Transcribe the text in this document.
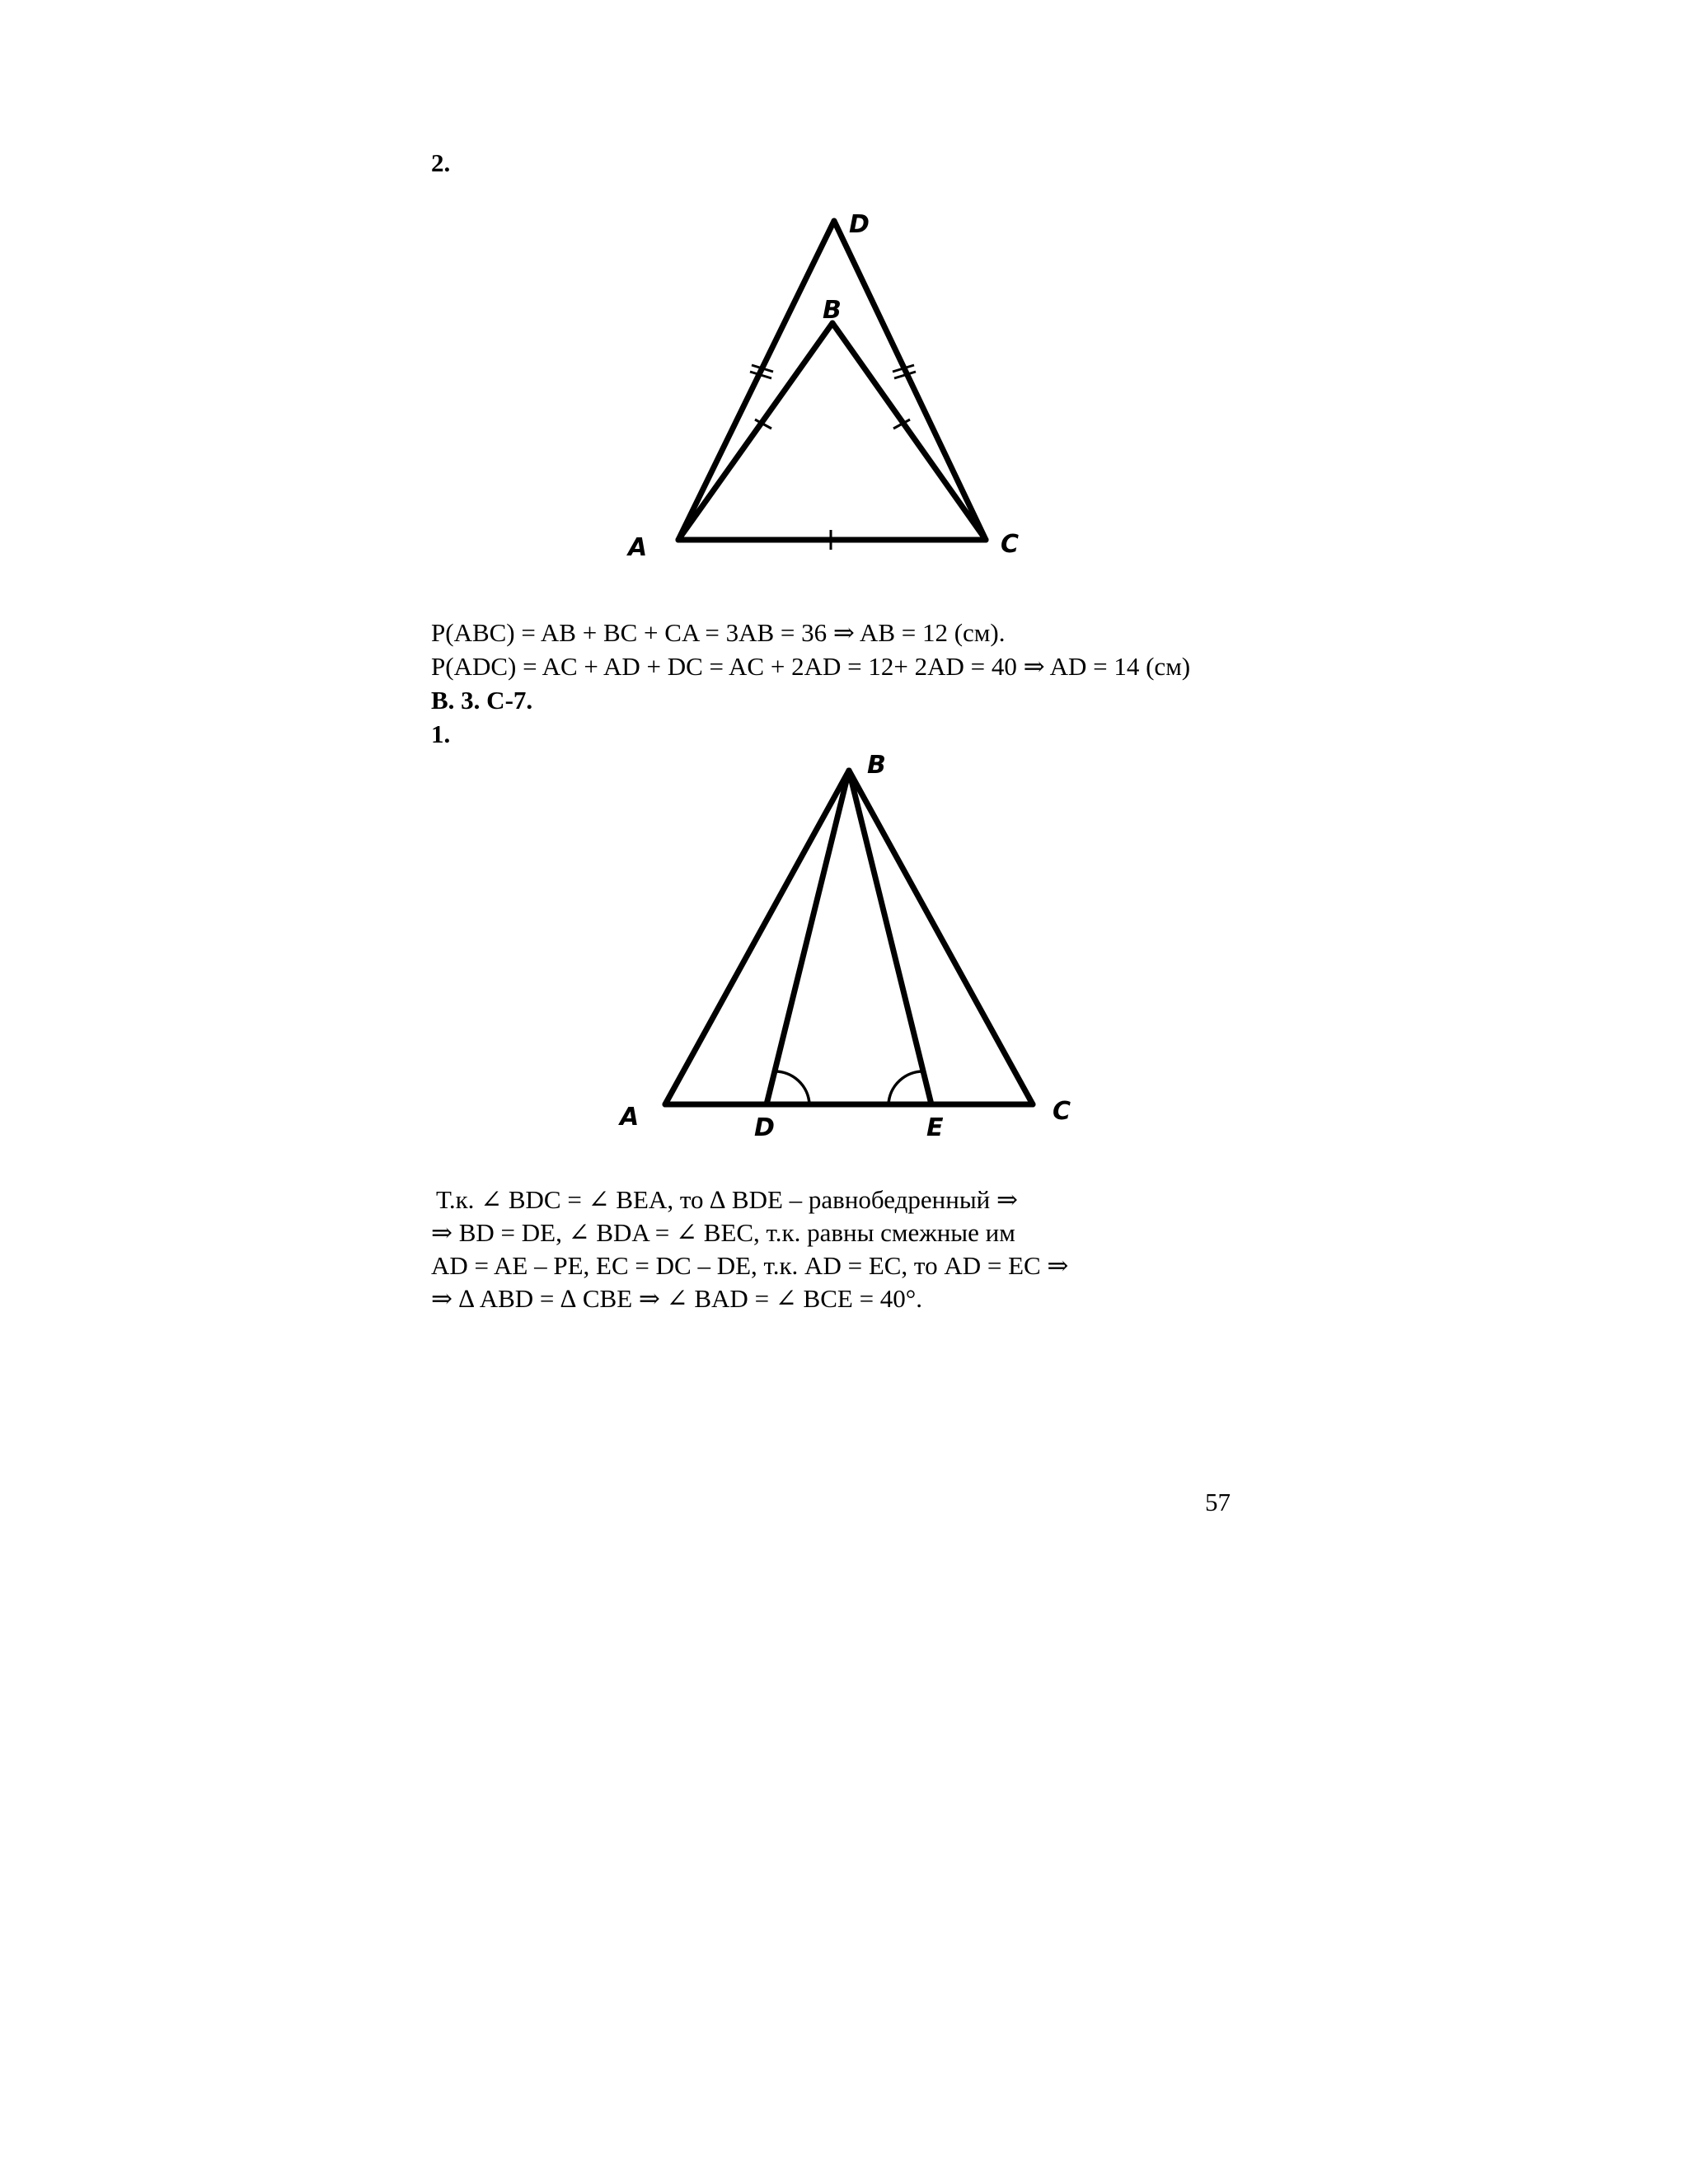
2.
D
B
A	C
P(ABC) = AB + BC + CA = 3AB = 36 ⇒ AB = 12 (см).
P(ADC) = AC + AD + DC = AC + 2AD = 12+ 2AD = 40 ⇒ AD = 14 (см)
В. 3. С-7.
1.
B
A	D	E
C
Т.к. ∠ BDC = ∠ BEA, то ∆ BDE – равнобедренный ⇒
⇒ BD = DE, ∠ BDA = ∠ BEC, т.к. равны смежные им
AD = AE – PE, EC = DC – DE, т.к. AD = EC, то AD = EC ⇒
⇒ ∆ ABD = ∆ CBE ⇒ ∠ BAD = ∠ BCE = 40°.
57
